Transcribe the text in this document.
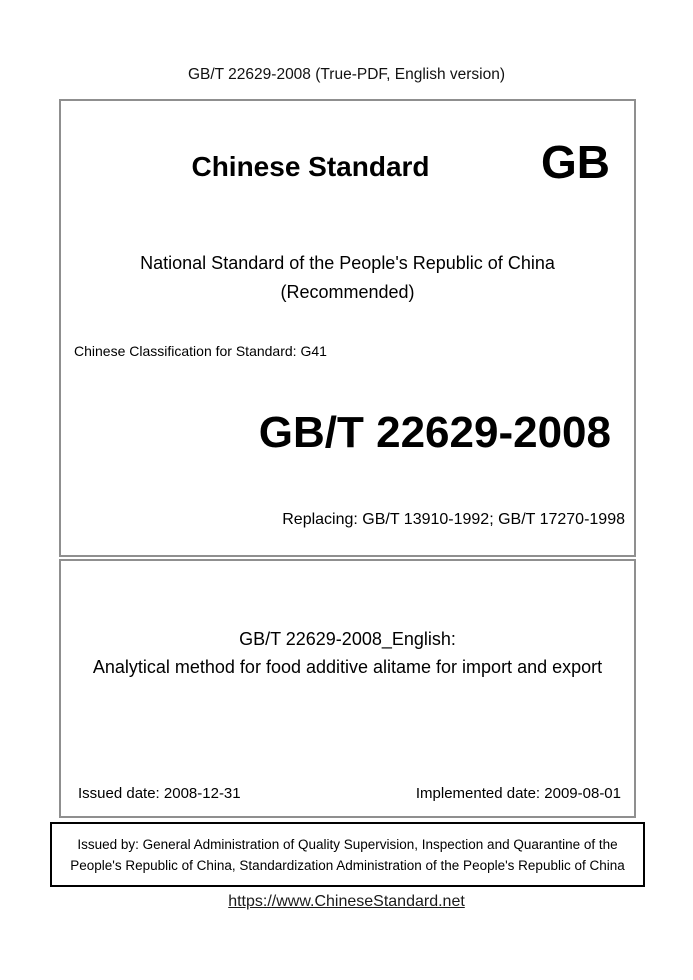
GB/T 22629-2008 (True-PDF, English version)
Chinese Standard	GB
National Standard of the People's Republic of China
(Recommended)
Chinese Classification for Standard: G41
GB/T 22629-2008
Replacing: GB/T 13910-1992; GB/T 17270-1998
GB/T 22629-2008_English:
Analytical method for food additive alitame for import and export
Issued date: 2008-12-31	Implemented date: 2009-08-01
Issued by: General Administration of Quality Supervision, Inspection and Quarantine of the People's Republic of China, Standardization Administration of the People's Republic of China
https://www.ChineseStandard.net
